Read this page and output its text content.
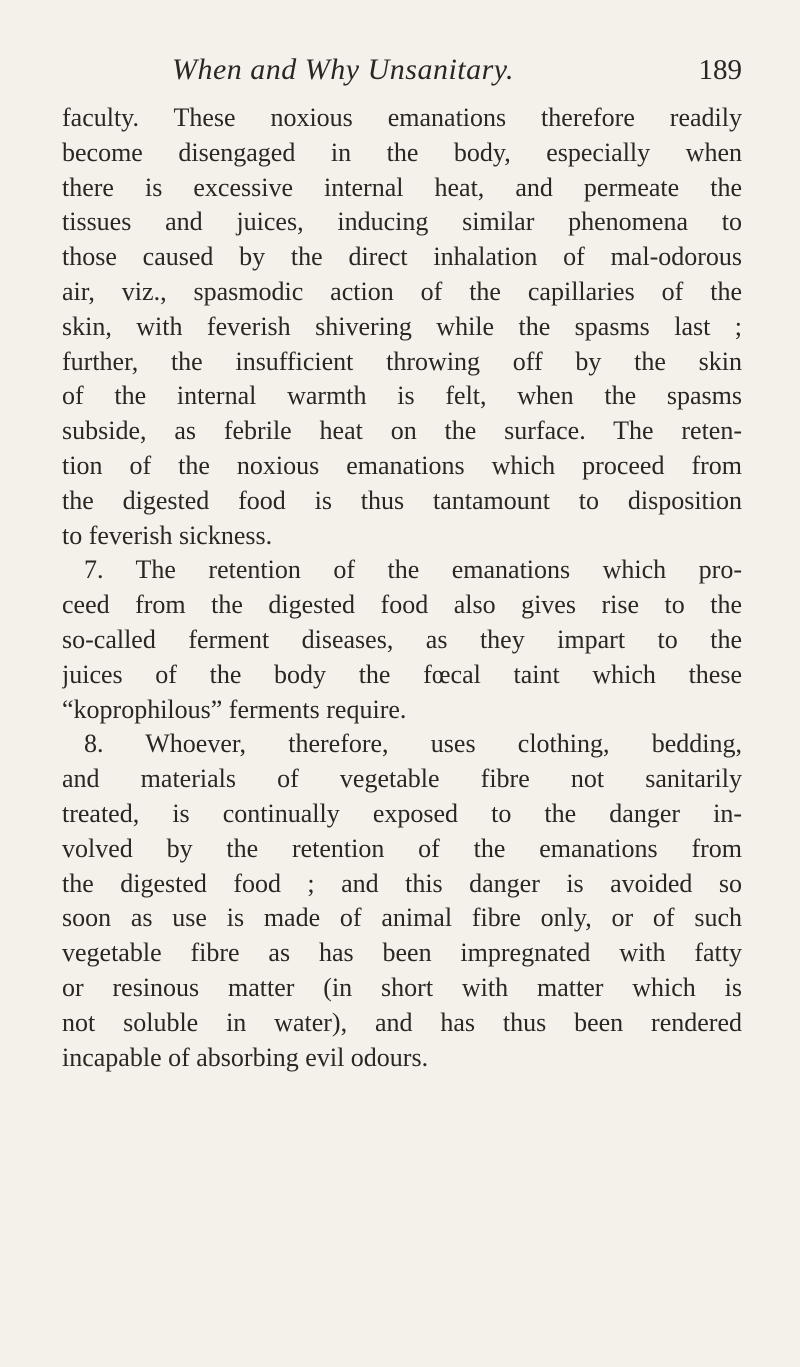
When and Why Unsanitary.	189
faculty. These noxious emanations therefore readily
become disengaged in the body, especially when
there is excessive internal heat, and permeate the
tissues and juices, inducing similar phenomena to
those caused by the direct inhalation of mal-odorous
air, viz., spasmodic action of the capillaries of the
skin, with feverish shivering while the spasms last ;
further, the insufficient throwing off by the skin
of the internal warmth is felt, when the spasms
subside, as febrile heat on the surface. The reten-
tion of the noxious emanations which proceed from
the digested food is thus tantamount to disposition
to feverish sickness.
7. The retention of the emanations which pro-
ceed from the digested food also gives rise to the
so-called ferment diseases, as they impart to the
juices of the body the fœcal taint which these
“koprophilous” ferments require.
8. Whoever, therefore, uses clothing, bedding,
and materials of vegetable fibre not sanitarily
treated, is continually exposed to the danger in-
volved by the retention of the emanations from
the digested food ; and this danger is avoided so
soon as use is made of animal fibre only, or of such
vegetable fibre as has been impregnated with fatty
or resinous matter (in short with matter which is
not soluble in water), and has thus been rendered
incapable of absorbing evil odours.
